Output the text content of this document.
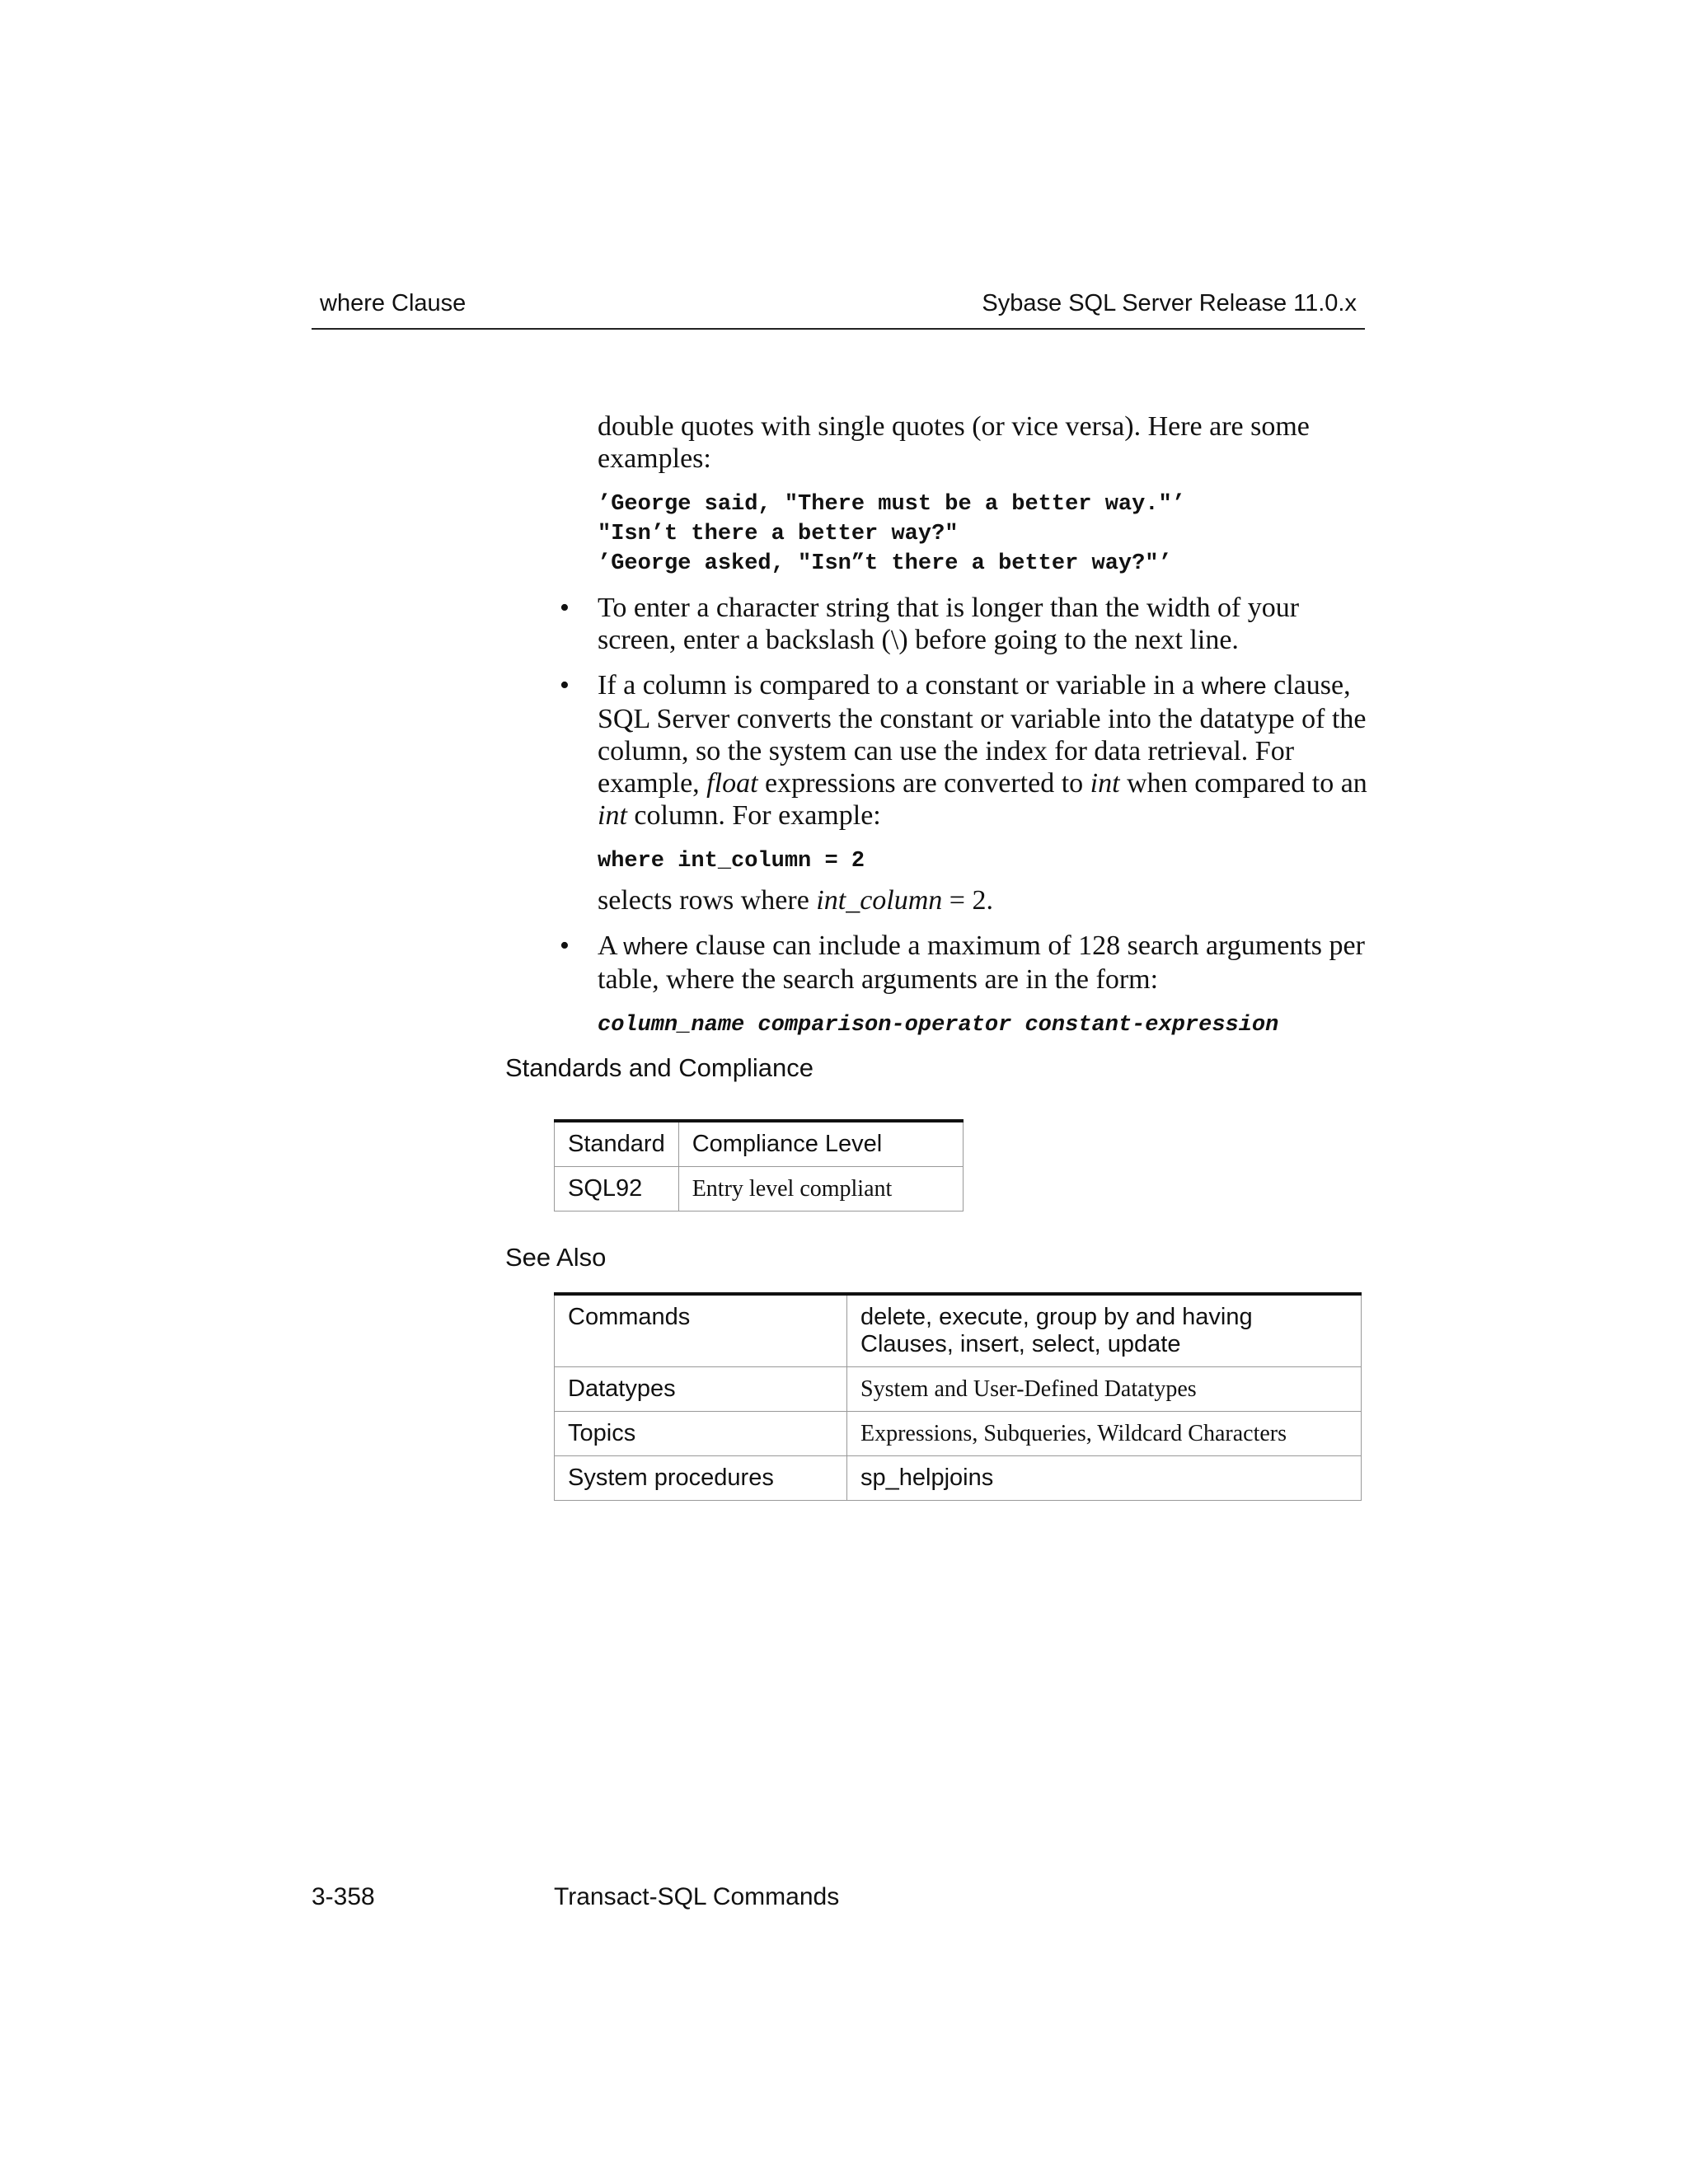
where Clause	Sybase SQL Server Release 11.0.x

double quotes with single quotes (or vice versa). Here are some examples:

’George said, "There must be a better way."’
"Isn’t there a better way?"
’George asked, "Isn”t there a better way?"’
• To enter a character string that is longer than the width of your screen, enter a backslash (\) before going to the next line.

• If a column is compared to a constant or variable in a where clause, SQL Server converts the constant or variable into the datatype of the column, so the system can use the index for data retrieval. For example, float expressions are converted to int when compared to an int column. For example:

where int_column = 2

selects rows where int_column = 2.

• A where clause can include a maximum of 128 search arguments per table, where the search arguments are in the form:

column_name comparison-operator constant-expression
Standards and Compliance
Standard	Compliance Level
SQL92	Entry level compliant
See Also
Commands	delete, execute, group by and having Clauses, insert, select, update
Datatypes	System and User-Defined Datatypes
Topics	Expressions, Subqueries, Wildcard Characters
System procedures	sp_helpjoins
3-358	Transact-SQL Commands
